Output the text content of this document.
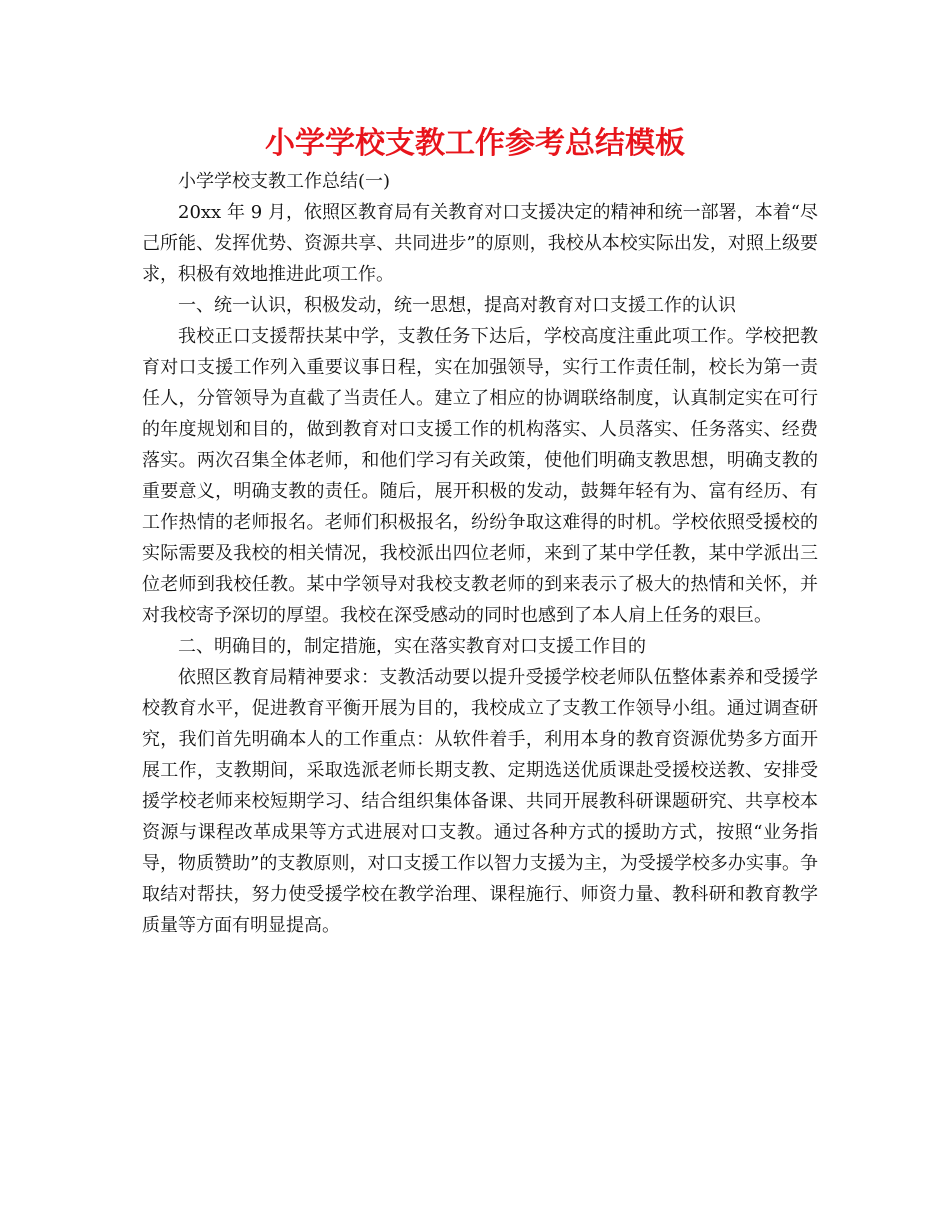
小学学校支教工作参考总结模板

小学学校支教工作总结(一)

20xx 年 9 月，依照区教育局有关教育对口支援决定的精神和统一部署，本着“尽己所能、发挥优势、资源共享、共同进步”的原则，我校从本校实际出发，对照上级要求，积极有效地推进此项工作。

一、统一认识，积极发动，统一思想，提高对教育对口支援工作的认识

我校正口支援帮扶某中学，支教任务下达后，学校高度注重此项工作。学校把教育对口支援工作列入重要议事日程，实在加强领导，实行工作责任制，校长为第一责任人，分管领导为直截了当责任人。建立了相应的协调联络制度，认真制定实在可行的年度规划和目的，做到教育对口支援工作的机构落实、人员落实、任务落实、经费落实。两次召集全体老师，和他们学习有关政策，使他们明确支教思想，明确支教的重要意义，明确支教的责任。随后，展开积极的发动，鼓舞年轻有为、富有经历、有工作热情的老师报名。老师们积极报名，纷纷争取这难得的时机。学校依照受援校的实际需要及我校的相关情况，我校派出四位老师，来到了某中学任教，某中学派出三位老师到我校任教。某中学领导对我校支教老师的到来表示了极大的热情和关怀，并对我校寄予深切的厚望。我校在深受感动的同时也感到了本人肩上任务的艰巨。

二、明确目的，制定措施，实在落实教育对口支援工作目的

依照区教育局精神要求：支教活动要以提升受援学校老师队伍整体素养和受援学校教育水平，促进教育平衡开展为目的，我校成立了支教工作领导小组。通过调查研究，我们首先明确本人的工作重点：从软件着手，利用本身的教育资源优势多方面开展工作，支教期间，采取选派老师长期支教、定期选送优质课赴受援校送教、安排受援学校老师来校短期学习、结合组织集体备课、共同开展教科研课题研究、共享校本资源与课程改革成果等方式进展对口支教。通过各种方式的援助方式，按照“业务指导，物质赞助”的支教原则，对口支援工作以智力支援为主，为受援学校多办实事。争取结对帮扶，努力使受援学校在教学治理、课程施行、师资力量、教科研和教育教学质量等方面有明显提高。
